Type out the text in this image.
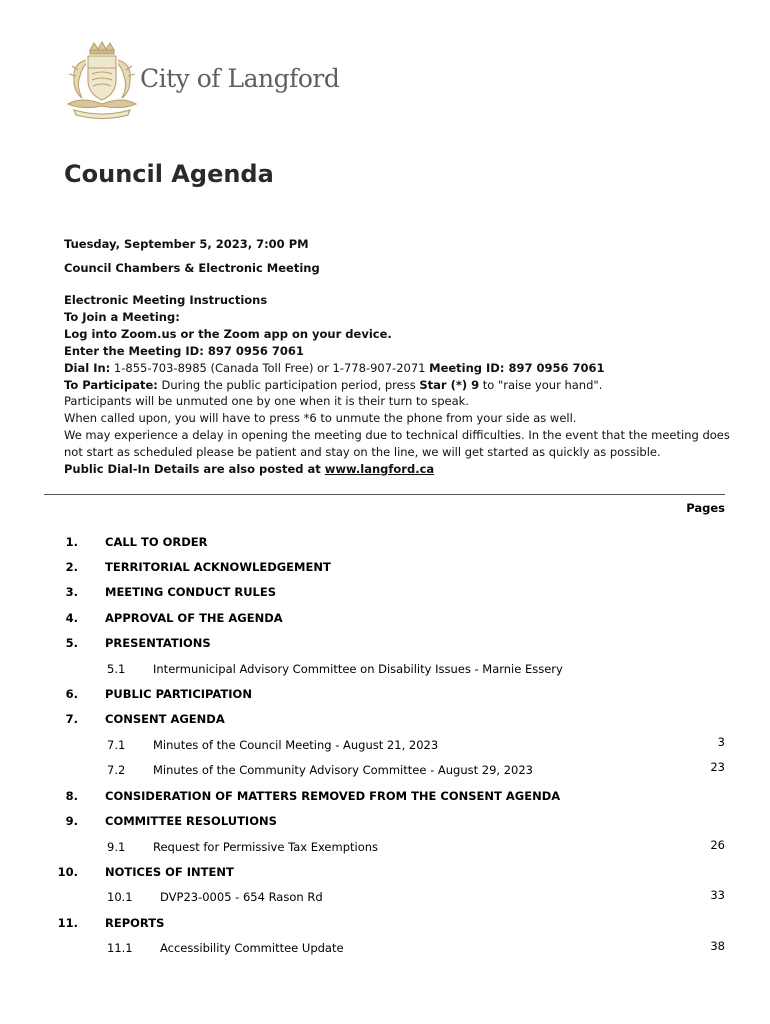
City of Langford
Council Agenda
Tuesday, September 5, 2023, 7:00 PM
Council Chambers & Electronic Meeting

Electronic Meeting Instructions

To Join a Meeting:

Log into Zoom.us or the Zoom app on your device.

Enter the Meeting ID: 897 0956 7061

Dial In: 1-855-703-8985 (Canada Toll Free) or 1-778-907-2071 Meeting ID: 897 0956 7061

To Participate: During the public participation period, press Star (*) 9 to "raise your hand".

Participants will be unmuted one by one when it is their turn to speak.

When called upon, you will have to press *6 to unmute the phone from your side as well.

We may experience a delay in opening the meeting due to technical difficulties. In the event that the meeting does not start as scheduled please be patient and stay on the line, we will get started as quickly as possible.

Public Dial-In Details are also posted at www.langford.ca

Pages
1. CALL TO ORDER
2. TERRITORIAL ACKNOWLEDGEMENT
3. MEETING CONDUCT RULES
4. APPROVAL OF THE AGENDA
5. PRESENTATIONS
5.1 Intermunicipal Advisory Committee on Disability Issues - Marnie Essery
6. PUBLIC PARTICIPATION
7. CONSENT AGENDA
7.1 Minutes of the Council Meeting - August 21, 2023	3
7.2 Minutes of the Community Advisory Committee - August 29, 2023	23
8. CONSIDERATION OF MATTERS REMOVED FROM THE CONSENT AGENDA
9. COMMITTEE RESOLUTIONS
9.1 Request for Permissive Tax Exemptions	26
10. NOTICES OF INTENT
10.1 DVP23-0005 - 654 Rason Rd	33
11. REPORTS
11.1 Accessibility Committee Update	38
